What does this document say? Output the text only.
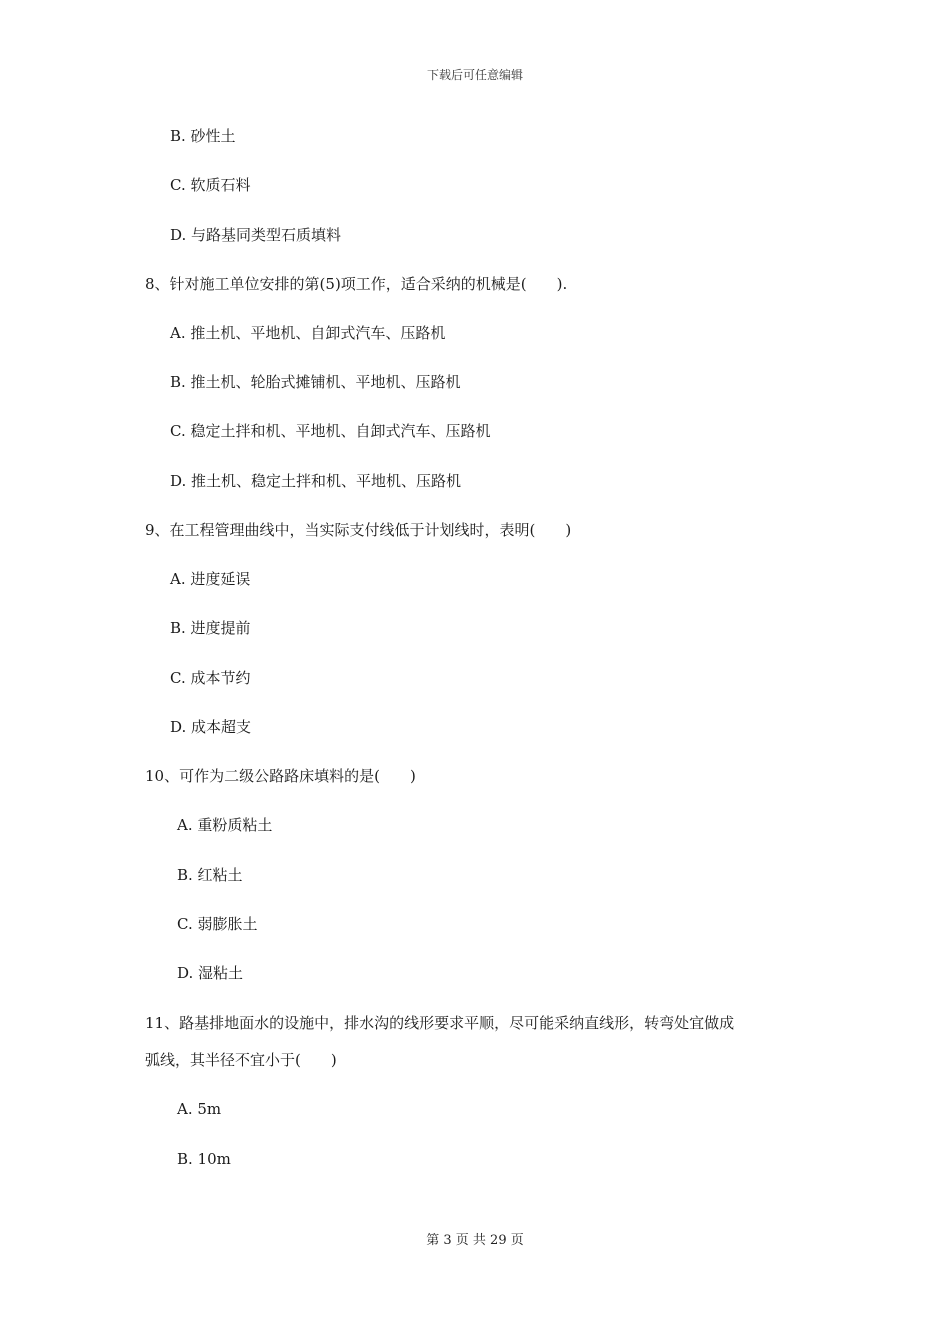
下载后可任意编辑
B. 砂性土
C. 软质石料
D. 与路基同类型石质填料
8、针对施工单位安排的第(5)项工作，适合采纳的机械是(　　).
A. 推土机、平地机、自卸式汽车、压路机
B. 推土机、轮胎式摊铺机、平地机、压路机
C. 稳定土拌和机、平地机、自卸式汽车、压路机
D. 推土机、稳定土拌和机、平地机、压路机
9、在工程管理曲线中，当实际支付线低于计划线时，表明(　　)
A. 进度延误
B. 进度提前
C. 成本节约
D. 成本超支
10、可作为二级公路路床填料的是(　　)
A. 重粉质粘土
B. 红粘土
C. 弱膨胀土
D. 湿粘土
11、路基排地面水的设施中，排水沟的线形要求平顺，尽可能采纳直线形，转弯处宜做成
弧线，其半径不宜小于(　　)
A. 5m
B. 10m
第 3 页 共 29 页
